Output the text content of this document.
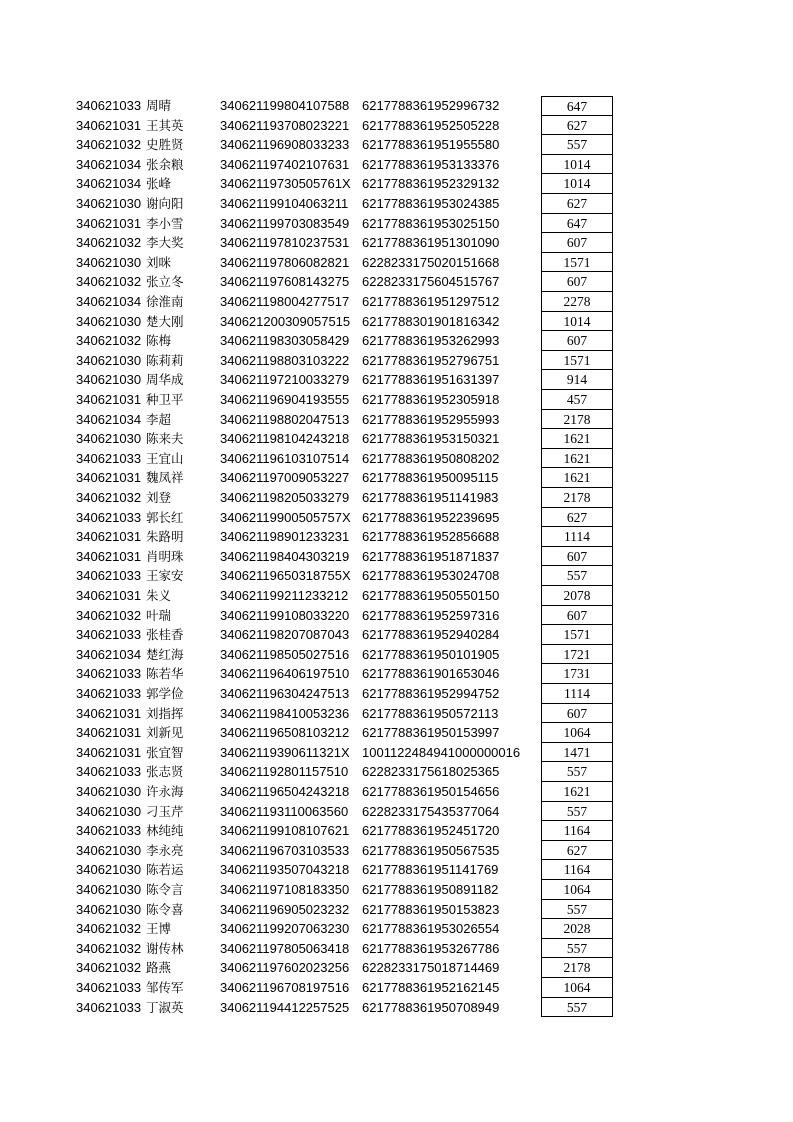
340621033 周晴	340621199804107588 6217788361952996732	647
340621031 王其英	340621193708023221 6217788361952505228	627
340621032 史胜贤	340621196908033233 6217788361951955580	557
340621034 张余粮	340621197402107631 6217788361953133376	1014
340621034 张峰	34062119730505761X 6217788361952329132	1014
340621030 谢向阳	340621199104063211	6217788361953024385	627
340621031 李小雪	340621199703083549 6217788361953025150	647
340621032 李大奖	340621197810237531 6217788361951301090	607
340621030 刘咪	340621197806082821 6228233175020151668	1571
340621032 张立冬	340621197608143275 6228233175604515767	607
340621034 徐淮南	340621198004277517 6217788361951297512	2278
340621030 楚大刚	340621200309057515 6217788301901816342	1014
340621032 陈梅	340621198303058429 6217788361953262993	607
340621030 陈莉莉	340621198803103222 6217788361952796751	1571
340621030 周华成	340621197210033279 6217788361951631397	914
340621031 种卫平	340621196904193555 6217788361952305918	457
340621034 李超	340621198802047513 6217788361952955993	2178
340621030 陈来夫	340621198104243218 6217788361953150321	1621
340621033 王宜山	340621196103107514 6217788361950808202	1621
340621031 魏凤祥	340621197009053227 6217788361950095115	1621
340621032 刘登	340621198205033279 6217788361951141983	2178
340621033 郭长红	34062119900505757X 6217788361952239695	627
340621031 朱路明	340621198901233231 6217788361952856688	1114
340621031 肖明珠	340621198404303219 6217788361951871837	607
340621033 王家安	34062119650318755X 6217788361953024708	557
340621031 朱义	340621199211233212	6217788361950550150	2078
340621032 叶瑞	340621199108033220 6217788361952597316	607
340621033 张桂香	340621198207087043 6217788361952940284	1571
340621034 楚红海	340621198505027516 6217788361950101905	1721
340621033 陈若华	340621196406197510 6217788361901653046	1731
340621033 郭学俭	340621196304247513 6217788361952994752	1114
340621031 刘指挥	340621198410053236 6217788361950572113	607
340621031 刘新见	340621196508103212 6217788361950153997	1064
340621031 张宜智	34062119390611321X 1001122484941000000016	1471
340621033 张志贤	340621192801157510	6228233175618025365	557
340621030 许永海	340621196504243218 6217788361950154656	1621
340621030 刁玉芹	340621193110063560	6228233175435377064	557
340621033 林纯纯	340621199108107621 6217788361952451720	1164
340621030 李永亮	340621196703103533 6217788361950567535	627
340621030 陈若运	340621193507043218 6217788361951141769	1164
340621030 陈令言	340621197108183350 6217788361950891182	1064
340621030 陈令喜	340621196905023232 6217788361950153823	557
340621032 王博	340621199207063230 6217788361953026554	2028
340621032 谢传林	340621197805063418 6217788361953267786	557
340621032 路燕	340621197602023256 6228233175018714469	2178
340621033 邹传军	340621196708197516 6217788361952162145	1064
340621033 丁淑英	340621194412257525 6217788361950708949	557
